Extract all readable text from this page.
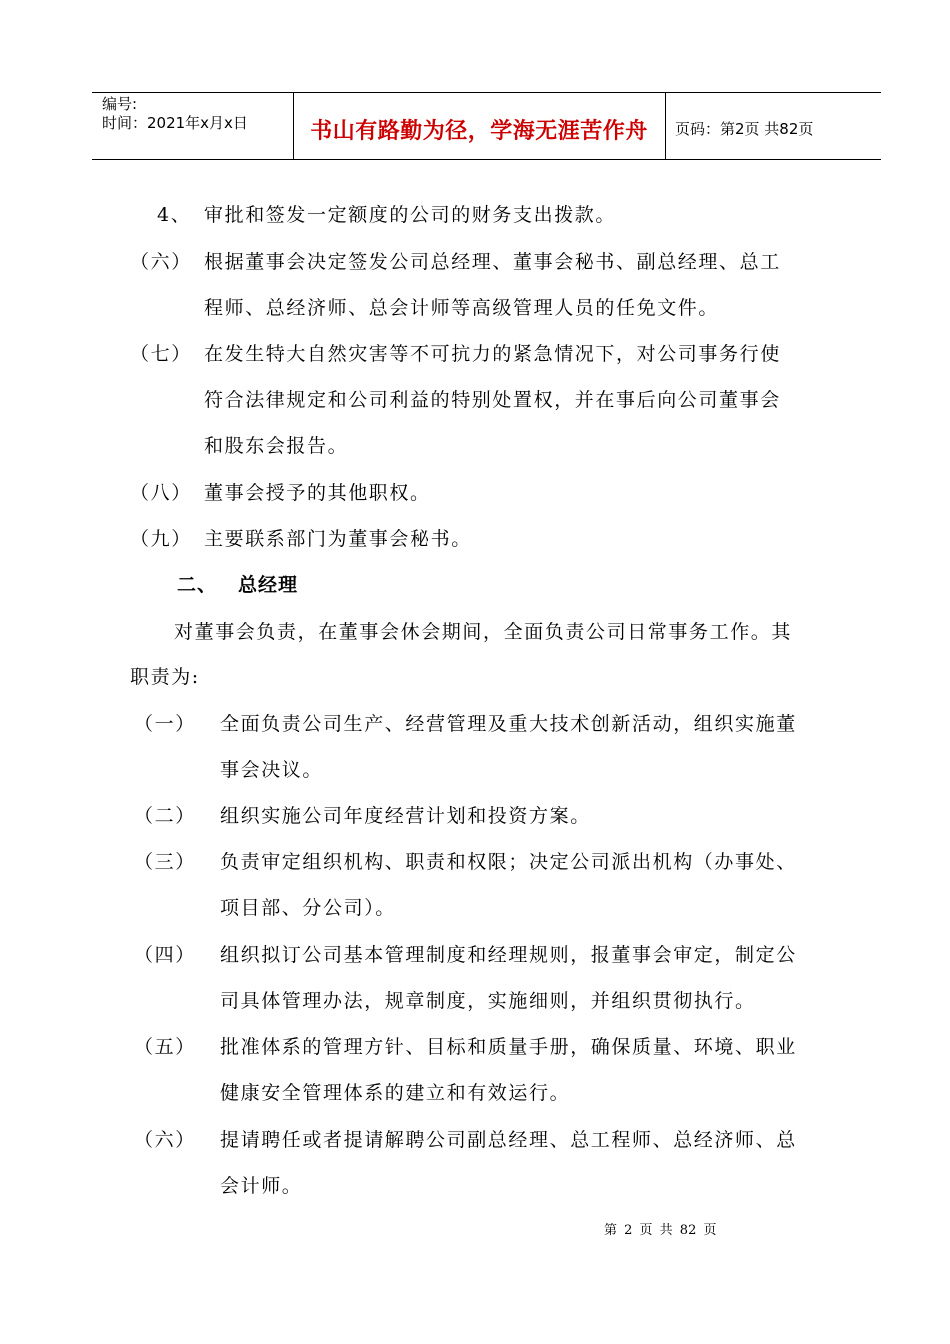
编号:
时间：2021年x月x日	书山有路勤为径，学海无涯苦作舟	页码：第2页 共82页
4、 审批和签发一定额度的公司的财务支出拨款。
（六） 根据董事会决定签发公司总经理、董事会秘书、副总经理、总工
程师、总经济师、总会计师等高级管理人员的任免文件。
（七） 在发生特大自然灾害等不可抗力的紧急情况下，对公司事务行使
符合法律规定和公司利益的特别处置权，并在事后向公司董事会
和股东会报告。
（八） 董事会授予的其他职权。
（九） 主要联系部门为董事会秘书。
二、 总经理
对董事会负责，在董事会休会期间，全面负责公司日常事务工作。其
职责为:
（一） 全面负责公司生产、经营管理及重大技术创新活动，组织实施董
事会决议。
（二） 组织实施公司年度经营计划和投资方案。
（三） 负责审定组织机构、职责和权限；决定公司派出机构（办事处、
项目部、分公司）。
（四） 组织拟订公司基本管理制度和经理规则，报董事会审定，制定公
司具体管理办法，规章制度，实施细则，并组织贯彻执行。
（五） 批准体系的管理方针、目标和质量手册，确保质量、环境、职业
健康安全管理体系的建立和有效运行。
（六） 提请聘任或者提请解聘公司副总经理、总工程师、总经济师、总
会计师。
第 2 页 共 82 页
